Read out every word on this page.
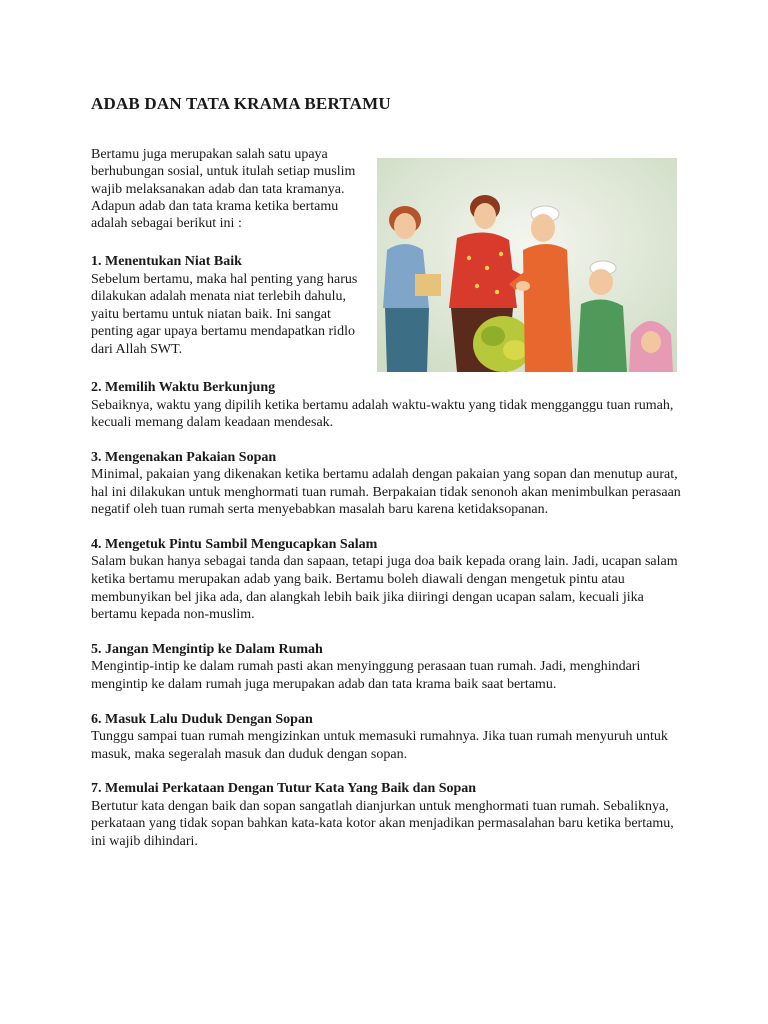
ADAB DAN TATA KRAMA BERTAMU

Bertamu juga merupakan salah satu upaya berhubungan sosial, untuk itulah setiap muslim wajib melaksanakan adab dan tata kramanya. Adapun adab dan tata krama ketika bertamu adalah sebagai berikut ini :

1. Menentukan Niat Baik

Sebelum bertamu, maka hal penting yang harus dilakukan adalah menata niat terlebih dahulu, yaitu bertamu untuk niatan baik. Ini sangat penting agar upaya bertamu mendapatkan ridlo dari Allah SWT.

2. Memilih Waktu Berkunjung

Sebaiknya, waktu yang dipilih ketika bertamu adalah waktu-waktu yang tidak mengganggu tuan rumah, kecuali memang dalam keadaan mendesak.

3. Mengenakan Pakaian Sopan

Minimal, pakaian yang dikenakan ketika bertamu adalah dengan pakaian yang sopan dan menutup aurat, hal ini dilakukan untuk menghormati tuan rumah. Berpakaian tidak senonoh akan menimbulkan perasaan negatif oleh tuan rumah serta menyebabkan masalah baru karena ketidaksopanan.

4. Mengetuk Pintu Sambil Mengucapkan Salam

Salam bukan hanya sebagai tanda dan sapaan, tetapi juga doa baik kepada orang lain. Jadi, ucapan salam ketika bertamu merupakan adab yang baik. Bertamu boleh diawali dengan mengetuk pintu atau membunyikan bel jika ada, dan alangkah lebih baik jika diiringi dengan ucapan salam, kecuali jika bertamu kepada non-muslim.

5. Jangan Mengintip ke Dalam Rumah

Mengintip-intip ke dalam rumah pasti akan menyinggung perasaan tuan rumah. Jadi, menghindari mengintip ke dalam rumah juga merupakan adab dan tata krama baik saat bertamu.

6. Masuk Lalu Duduk Dengan Sopan

Tunggu sampai tuan rumah mengizinkan untuk memasuki rumahnya. Jika tuan rumah menyuruh untuk masuk, maka segeralah masuk dan duduk dengan sopan.

7. Memulai Perkataan Dengan Tutur Kata Yang Baik dan Sopan

Bertutur kata dengan baik dan sopan sangatlah dianjurkan untuk menghormati tuan rumah. Sebaliknya, perkataan yang tidak sopan bahkan kata-kata kotor akan menjadikan permasalahan baru ketika bertamu, ini wajib dihindari.
